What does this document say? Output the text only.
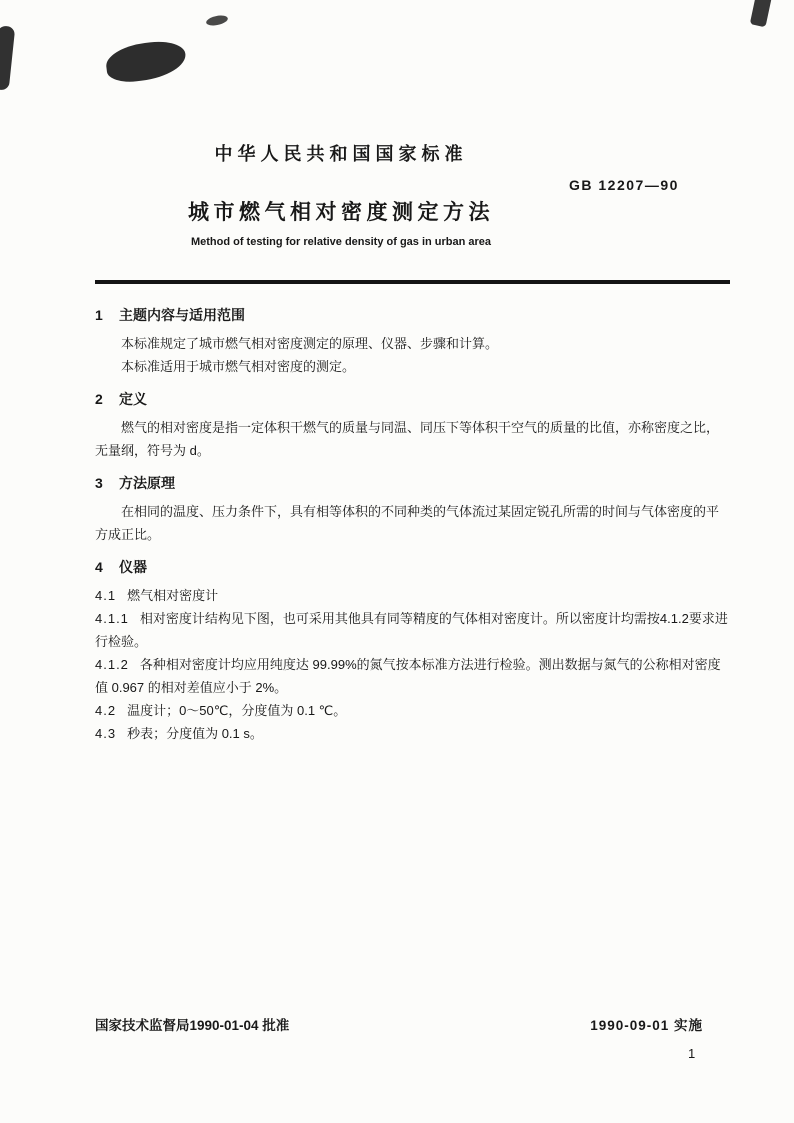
中华人民共和国国家标准
GB 12207—90
城市燃气相对密度测定方法
Method of testing for relative density of gas in urban area
1 主题内容与适用范围

本标准规定了城市燃气相对密度测定的原理、仪器、步骤和计算。

本标准适用于城市燃气相对密度的测定。

2 定义

燃气的相对密度是指一定体积干燃气的质量与同温、同压下等体积干空气的质量的比值，亦称密度之比，无量纲，符号为 d。

3 方法原理

在相同的温度、压力条件下，具有相等体积的不同种类的气体流过某固定锐孔所需的时间与气体密度的平方成正比。

4 仪器

4.1 燃气相对密度计

4.1.1 相对密度计结构见下图，也可采用其他具有同等精度的气体相对密度计。所以密度计均需按4.1.2要求进行检验。

4.1.2 各种相对密度计均应用纯度达 99.99%的氮气按本标准方法进行检验。测出数据与氮气的公称相对密度值 0.967 的相对差值应小于 2%。

4.2 温度计；0～50℃，分度值为 0.1 ℃。

4.3 秒表；分度值为 0.1 s。

国家技术监督局1990-01-04 批准	1990-09-01 实施
1
